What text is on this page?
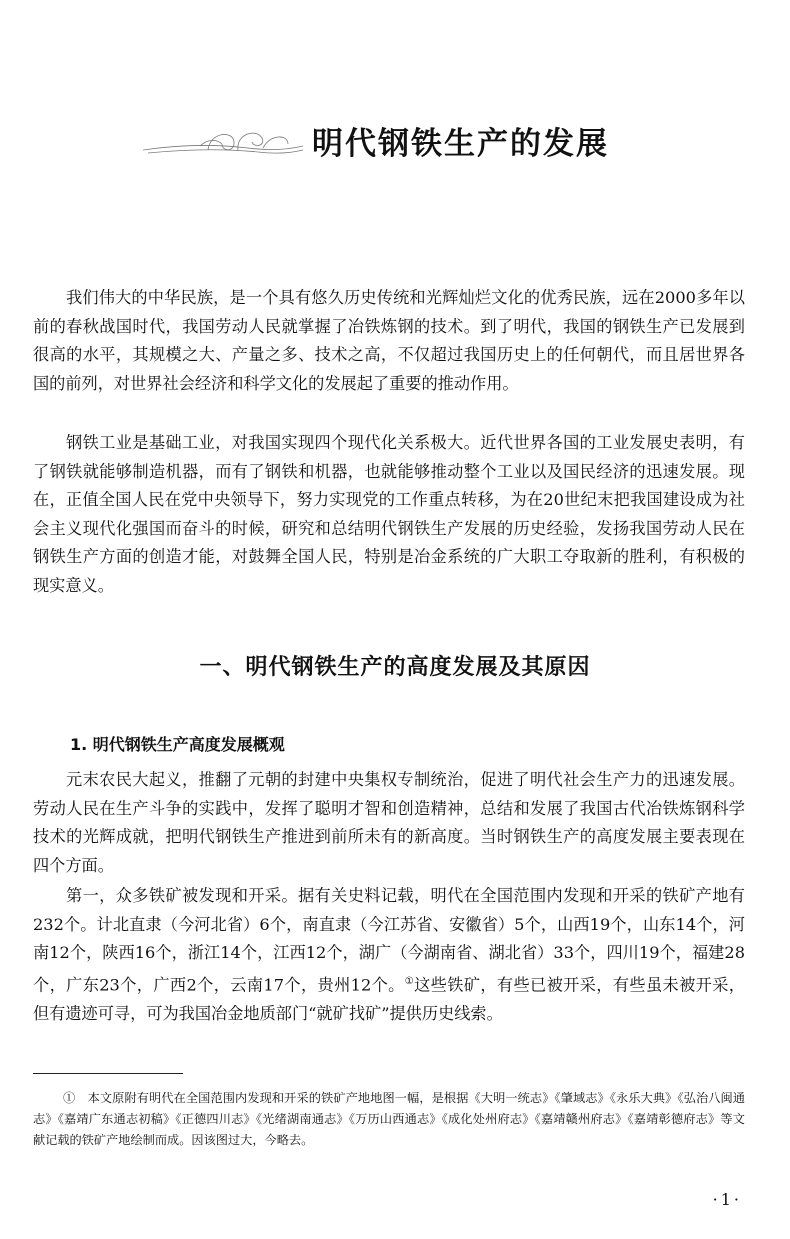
明代钢铁生产的发展

我们伟大的中华民族，是一个具有悠久历史传统和光辉灿烂文化的优秀民族，远在2000多年以前的春秋战国时代，我国劳动人民就掌握了冶铁炼钢的技术。到了明代，我国的钢铁生产已发展到很高的水平，其规模之大、产量之多、技术之高，不仅超过我国历史上的任何朝代，而且居世界各国的前列，对世界社会经济和科学文化的发展起了重要的推动作用。

钢铁工业是基础工业，对我国实现四个现代化关系极大。近代世界各国的工业发展史表明，有了钢铁就能够制造机器，而有了钢铁和机器，也就能够推动整个工业以及国民经济的迅速发展。现在，正值全国人民在党中央领导下，努力实现党的工作重点转移，为在20世纪末把我国建设成为社会主义现代化强国而奋斗的时候，研究和总结明代钢铁生产发展的历史经验，发扬我国劳动人民在钢铁生产方面的创造才能，对鼓舞全国人民，特别是冶金系统的广大职工夺取新的胜利，有积极的现实意义。

一、明代钢铁生产的高度发展及其原因
1. 明代钢铁生产高度发展概观

元末农民大起义，推翻了元朝的封建中央集权专制统治，促进了明代社会生产力的迅速发展。劳动人民在生产斗争的实践中，发挥了聪明才智和创造精神，总结和发展了我国古代冶铁炼钢科学技术的光辉成就，把明代钢铁生产推进到前所未有的新高度。当时钢铁生产的高度发展主要表现在四个方面。

第一，众多铁矿被发现和开采。据有关史料记载，明代在全国范围内发现和开采的铁矿产地有232个。计北直隶（今河北省）6个，南直隶（今江苏省、安徽省）5个，山西19个，山东14个，河南12个，陕西16个，浙江14个，江西12个，湖广（今湖南省、湖北省）33个，四川19个，福建28个，广东23个，广西2个，云南17个，贵州12个。①这些铁矿，有些已被开采，有些虽未被开采，但有遗迹可寻，可为我国冶金地质部门“就矿找矿”提供历史线索。

①　本文原附有明代在全国范围内发现和开采的铁矿产地地图一幅，是根据《大明一统志》《肇域志》《永乐大典》《弘治八闽通志》《嘉靖广东通志初稿》《正德四川志》《光绪湖南通志》《万历山西通志》《成化处州府志》《嘉靖赣州府志》《嘉靖彰德府志》等文献记载的铁矿产地绘制而成。因该图过大，今略去。

·1·
